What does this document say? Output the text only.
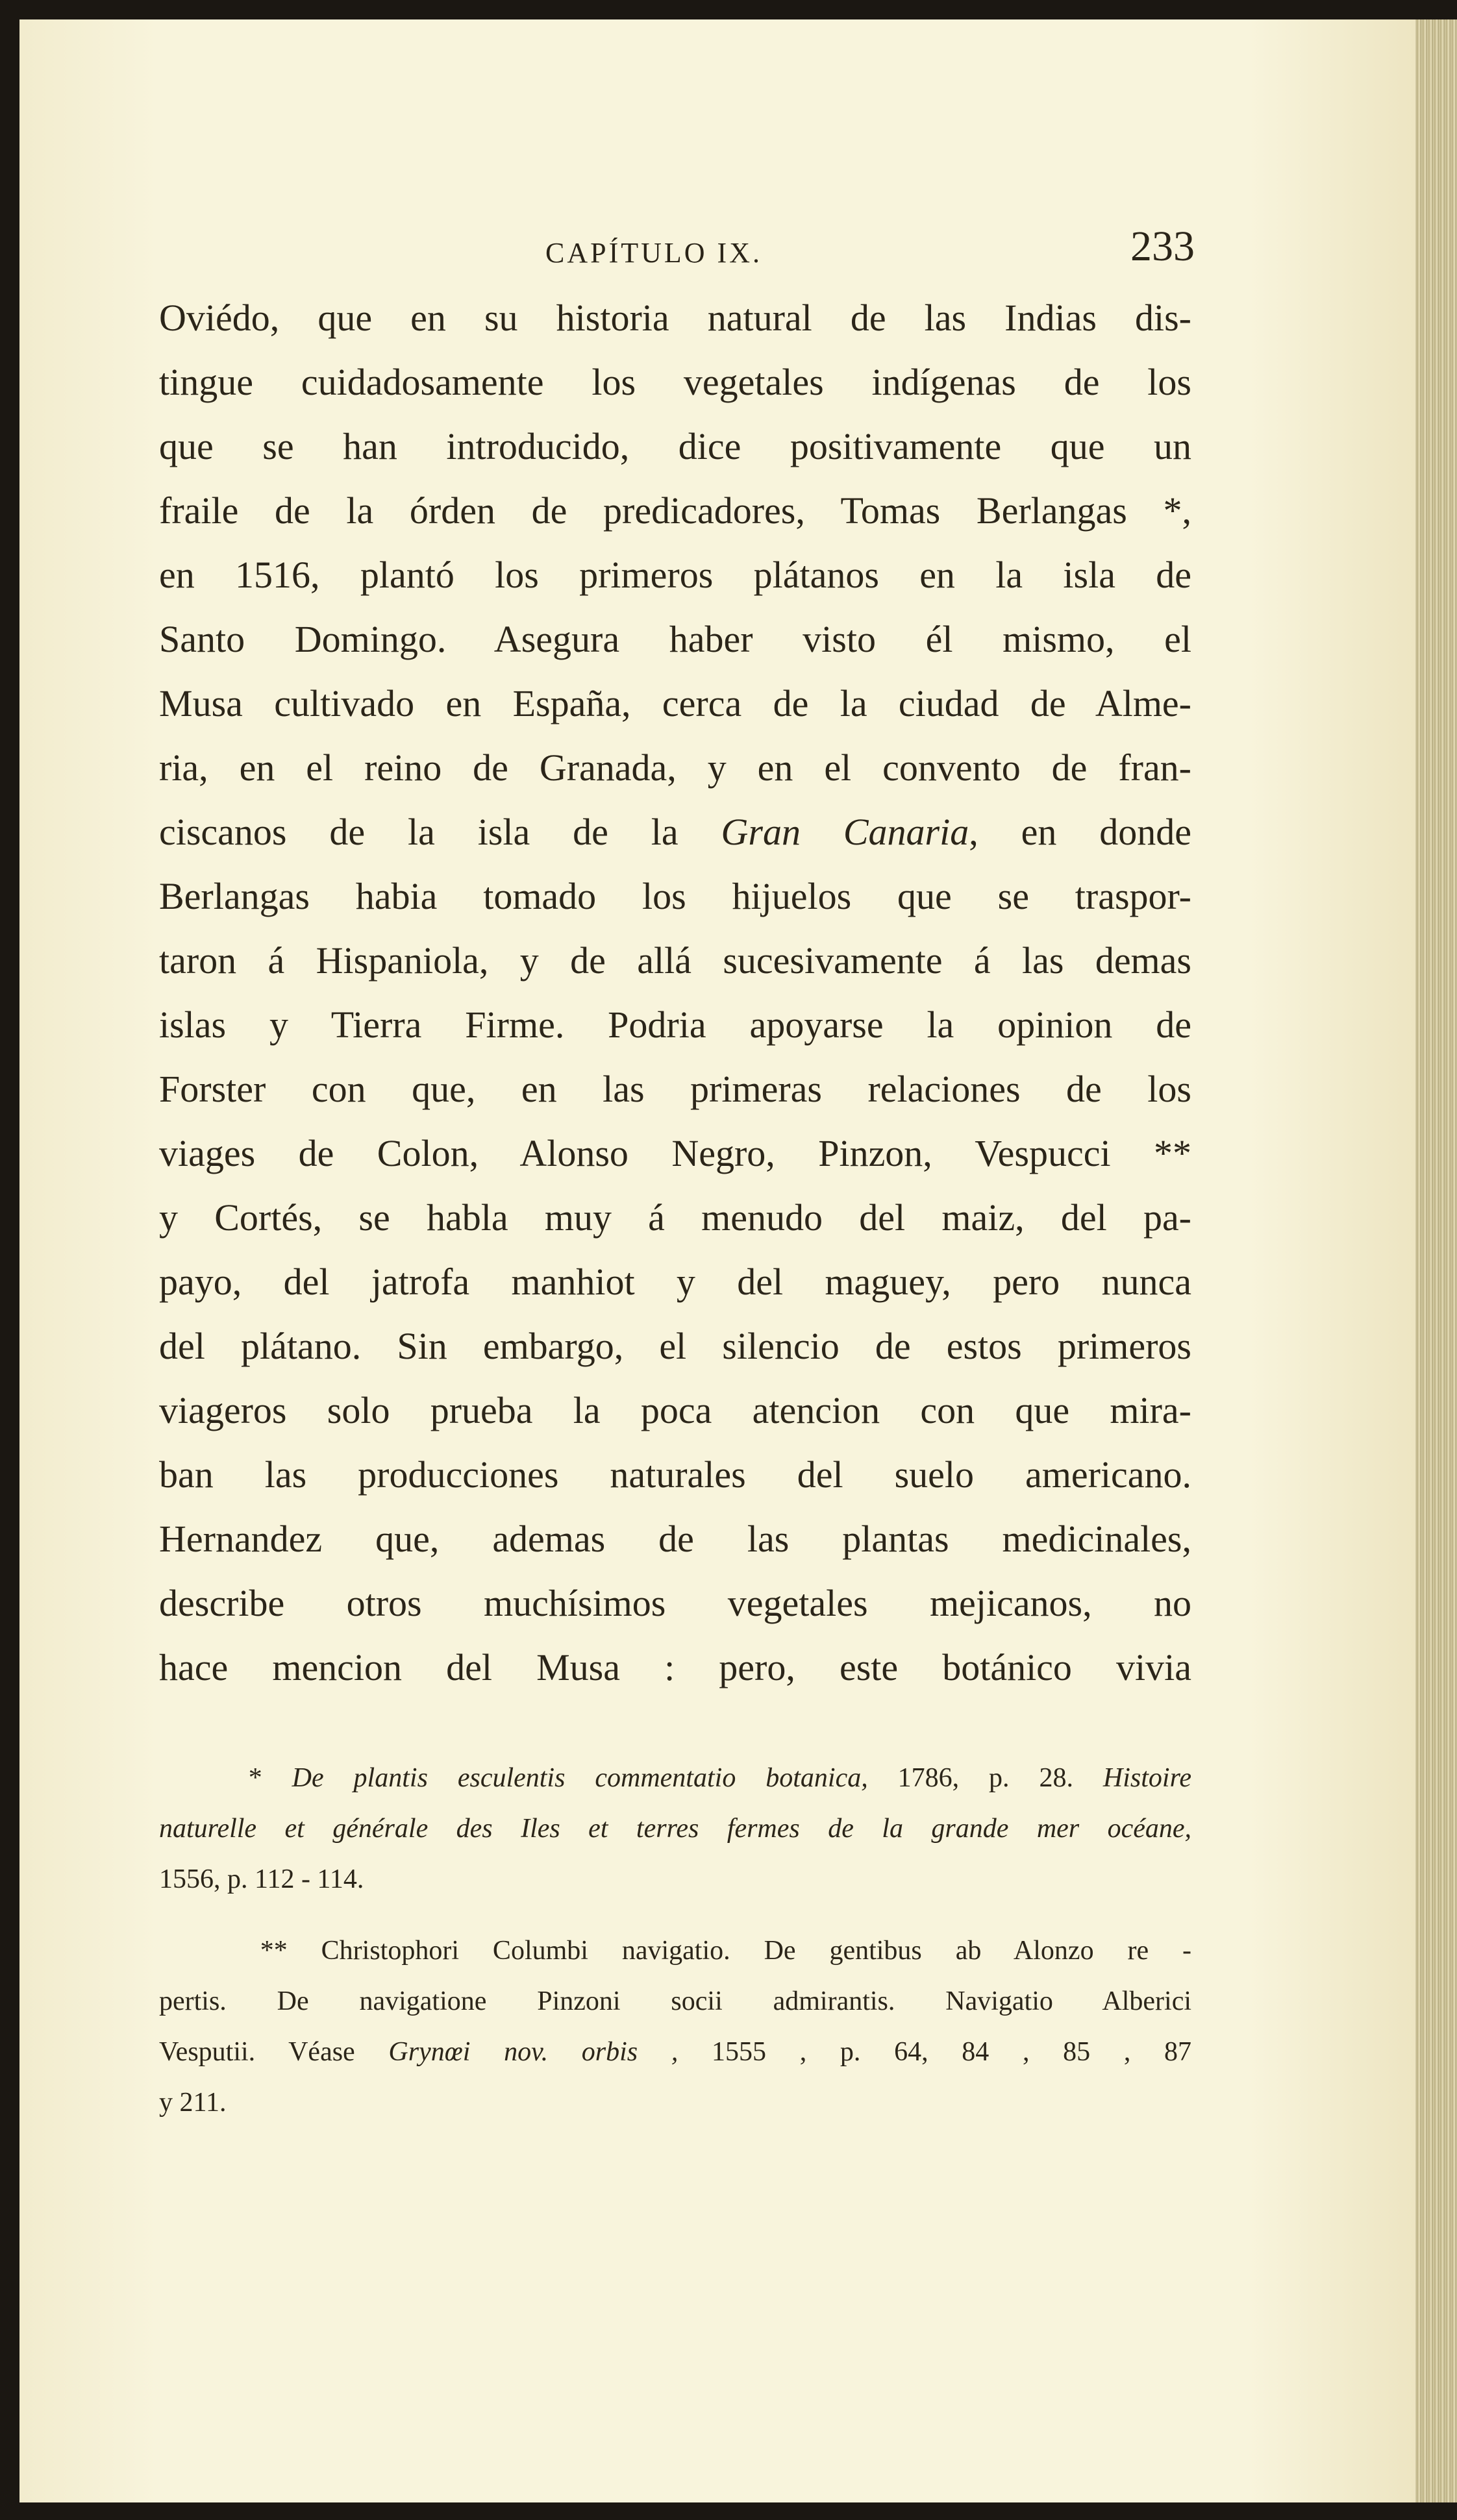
CAPÍTULO IX.	233
Oviédo, que en su historia natural de las Indias dis-
tingue cuidadosamente los vegetales indígenas de los
que se han introducido, dice positivamente que un
fraile de la órden de predicadores, Tomas Berlangas *,
en 1516, plantó los primeros plátanos en la isla de
Santo Domingo. Asegura haber visto él mismo, el
Musa cultivado en España, cerca de la ciudad de Alme-
ria, en el reino de Granada, y en el convento de fran-
ciscanos de la isla de la Gran Canaria, en donde
Berlangas habia tomado los hijuelos que se traspor-
taron á Hispaniola, y de allá sucesivamente á las demas
islas y Tierra Firme. Podria apoyarse la opinion de
Forster con que, en las primeras relaciones de los
viages de Colon, Alonso Negro, Pinzon, Vespucci **
y Cortés, se habla muy á menudo del maiz, del pa-
payo, del jatrofa manhiot y del maguey, pero nunca
del plátano. Sin embargo, el silencio de estos primeros
viageros solo prueba la poca atencion con que mira-
ban las producciones naturales del suelo americano.
Hernandez que, ademas de las plantas medicinales,
describe otros muchísimos vegetales mejicanos, no
hace mencion del Musa : pero, este botánico vivia
* De plantis esculentis commentatio botanica, 1786, p. 28. Histoire
naturelle et générale des Iles et terres fermes de la grande mer océane,
1556, p. 112 - 114.
** Christophori Columbi navigatio. De gentibus ab Alonzo re -
pertis. De navigatione Pinzoni socii admirantis. Navigatio Alberici
Vesputii. Véase Grynœi nov. orbis , 1555 , p. 64, 84 , 85 , 87
y 211.
